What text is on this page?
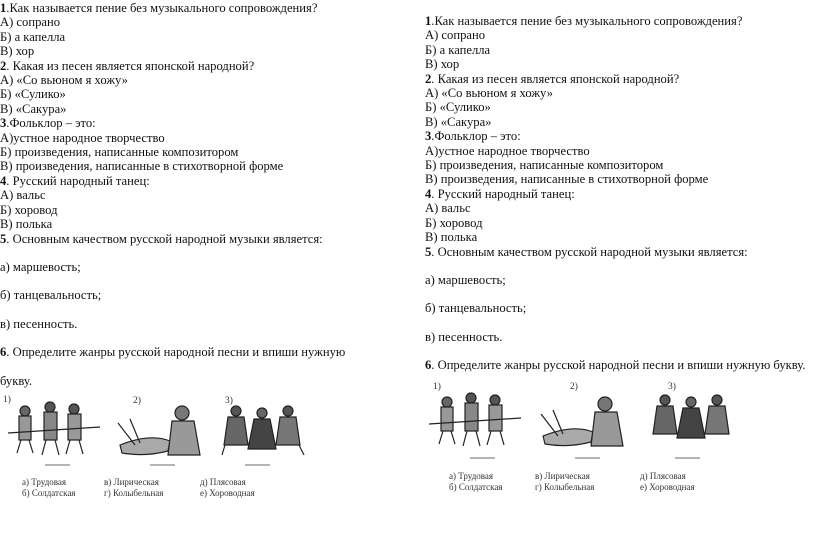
1.Как называется пение без музыкального сопровождения?
А) сопрано
Б) а капелла
В) хор
2. Какая из песен является японской народной?
А) «Со вьюном я хожу»
Б) «Сулико»
В) «Сакура»
3.Фольклор – это:
А)устное народное творчество
Б) произведения, написанные композитором
В) произведения, написанные в стихотворной форме
4. Русский народный танец:
А) вальс
Б) хоровод
В) полька
5. Основным качеством русской народной музыки является:
а) маршевость;
б) танцевальность;
в) песенность.
6. Определите жанры русской народной песни и впиши нужную
букву.
1.Как называется пение без музыкального сопровождения?
А) сопрано
Б) а капелла
В) хор
2. Какая из песен является японской народной?
А) «Со вьюном я хожу»
Б) «Сулико»
В) «Сакура»
3.Фольклор – это:
А)устное народное творчество
Б) произведения, написанные композитором
В) произведения, написанные в стихотворной форме
4. Русский народный танец:
А) вальс
Б) хоровод
В) полька
5. Основным качеством русской народной музыки является:
а) маршевость;
б) танцевальность;
в) песенность.
6. Определите жанры русской народной песни и впиши нужную букву.
1)	2)	3)
а) Трудовая
б) Солдатская
в) Лирическая
г) Колыбельная
д) Плясовая
е) Хороводная
1)	2)	3)
а) Трудовая
б) Солдатская
в) Лирическая
г) Колыбельная
д) Плясовая
е) Хороводная
